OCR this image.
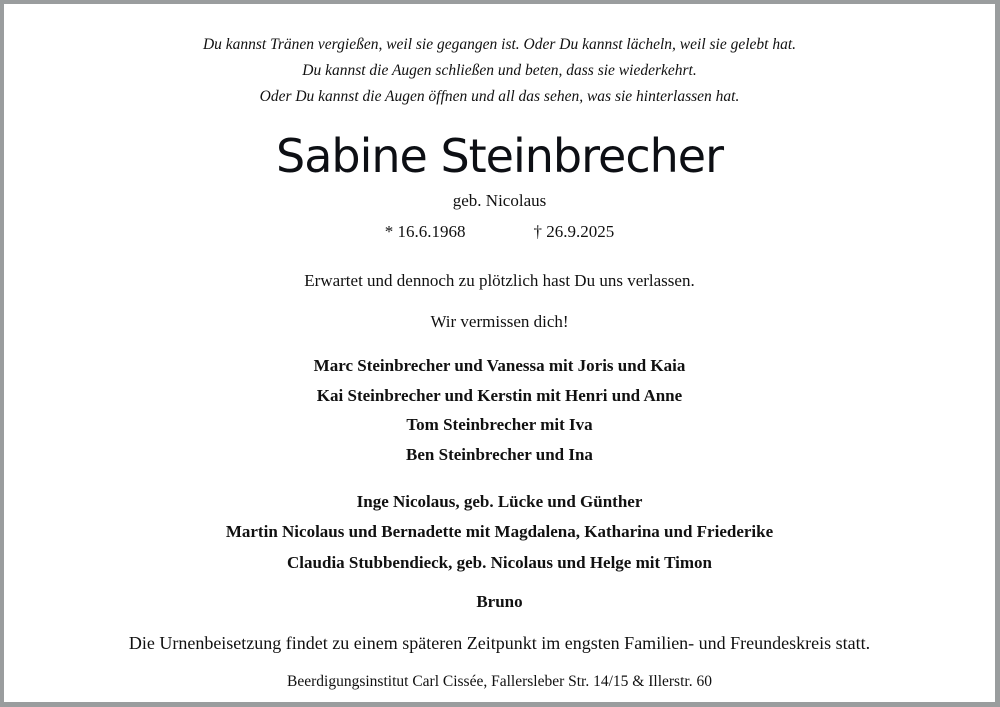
Du kannst Tränen vergießen, weil sie gegangen ist. Oder Du kannst lächeln, weil sie gelebt hat.
Du kannst die Augen schließen und beten, dass sie wiederkehrt.
Oder Du kannst die Augen öffnen und all das sehen, was sie hinterlassen hat.
Sabine Steinbrecher
geb. Nicolaus
* 16.6.1968	† 26.9.2025
Erwartet und dennoch zu plötzlich hast Du uns verlassen.
Wir vermissen dich!
Marc Steinbrecher und Vanessa mit Joris und Kaia
Kai Steinbrecher und Kerstin mit Henri und Anne
Tom Steinbrecher mit Iva
Ben Steinbrecher und Ina
Inge Nicolaus, geb. Lücke und Günther
Martin Nicolaus und Bernadette mit Magdalena, Katharina und Friederike
Claudia Stubbendieck, geb. Nicolaus und Helge mit Timon
Bruno
Die Urnenbeisetzung findet zu einem späteren Zeitpunkt im engsten Familien- und Freundeskreis statt.
Beerdigungsinstitut Carl Cissée, Fallersleber Str. 14/15 & Illerstr. 60
